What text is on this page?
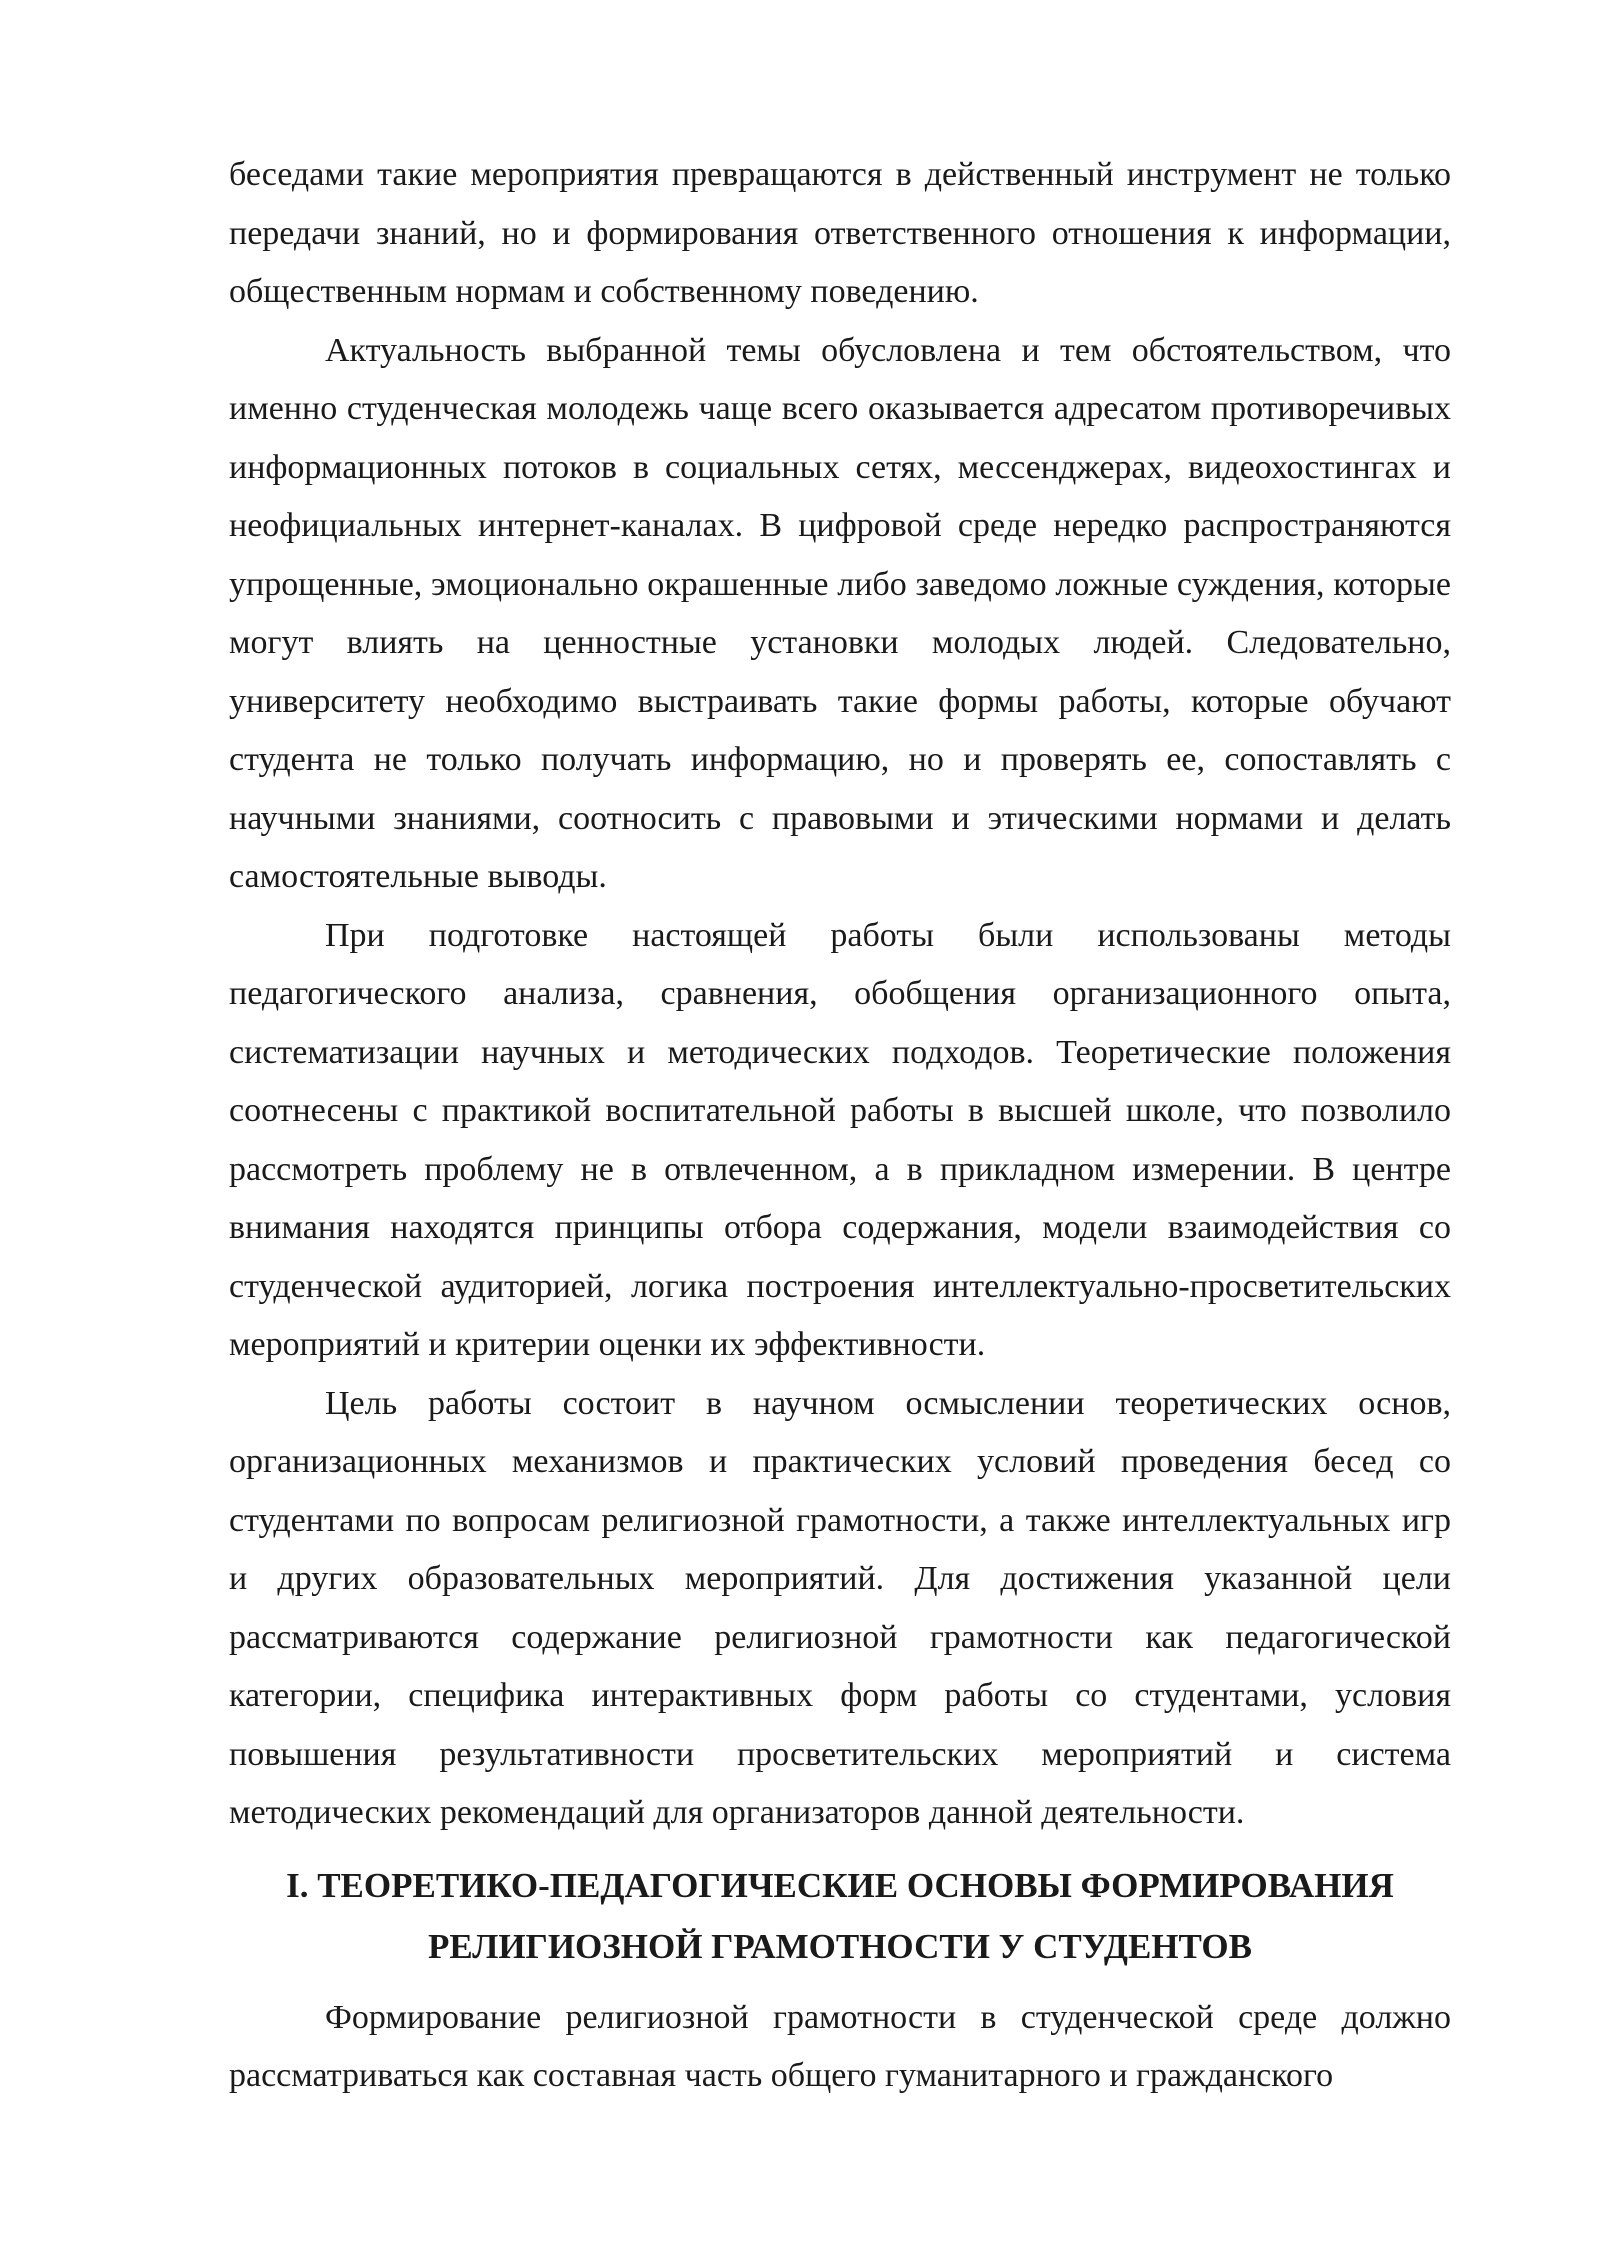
беседами такие мероприятия превращаются в действенный инструмент не только передачи знаний, но и формирования ответственного отношения к информации, общественным нормам и собственному поведению.

Актуальность выбранной темы обусловлена и тем обстоятельством, что именно студенческая молодежь чаще всего оказывается адресатом противоречивых информационных потоков в социальных сетях, мессенджерах, видеохостингах и неофициальных интернет-каналах. В цифровой среде нередко распространяются упрощенные, эмоционально окрашенные либо заведомо ложные суждения, которые могут влиять на ценностные установки молодых людей. Следовательно, университету необходимо выстраивать такие формы работы, которые обучают студента не только получать информацию, но и проверять ее, сопоставлять с научными знаниями, соотносить с правовыми и этическими нормами и делать самостоятельные выводы.

При подготовке настоящей работы были использованы методы педагогического анализа, сравнения, обобщения организационного опыта, систематизации научных и методических подходов. Теоретические положения соотнесены с практикой воспитательной работы в высшей школе, что позволило рассмотреть проблему не в отвлеченном, а в прикладном измерении. В центре внимания находятся принципы отбора содержания, модели взаимодействия со студенческой аудиторией, логика построения интеллектуально-просветительских мероприятий и критерии оценки их эффективности.

Цель работы состоит в научном осмыслении теоретических основ, организационных механизмов и практических условий проведения бесед со студентами по вопросам религиозной грамотности, а также интеллектуальных игр и других образовательных мероприятий. Для достижения указанной цели рассматриваются содержание религиозной грамотности как педагогической категории, специфика интерактивных форм работы со студентами, условия повышения результативности просветительских мероприятий и система методических рекомендаций для организаторов данной деятельности.

I. ТЕОРЕТИКО-ПЕДАГОГИЧЕСКИЕ ОСНОВЫ ФОРМИРОВАНИЯ
РЕЛИГИОЗНОЙ ГРАМОТНОСТИ У СТУДЕНТОВ

Формирование религиозной грамотности в студенческой среде должно рассматриваться как составная часть общего гуманитарного и гражданского
